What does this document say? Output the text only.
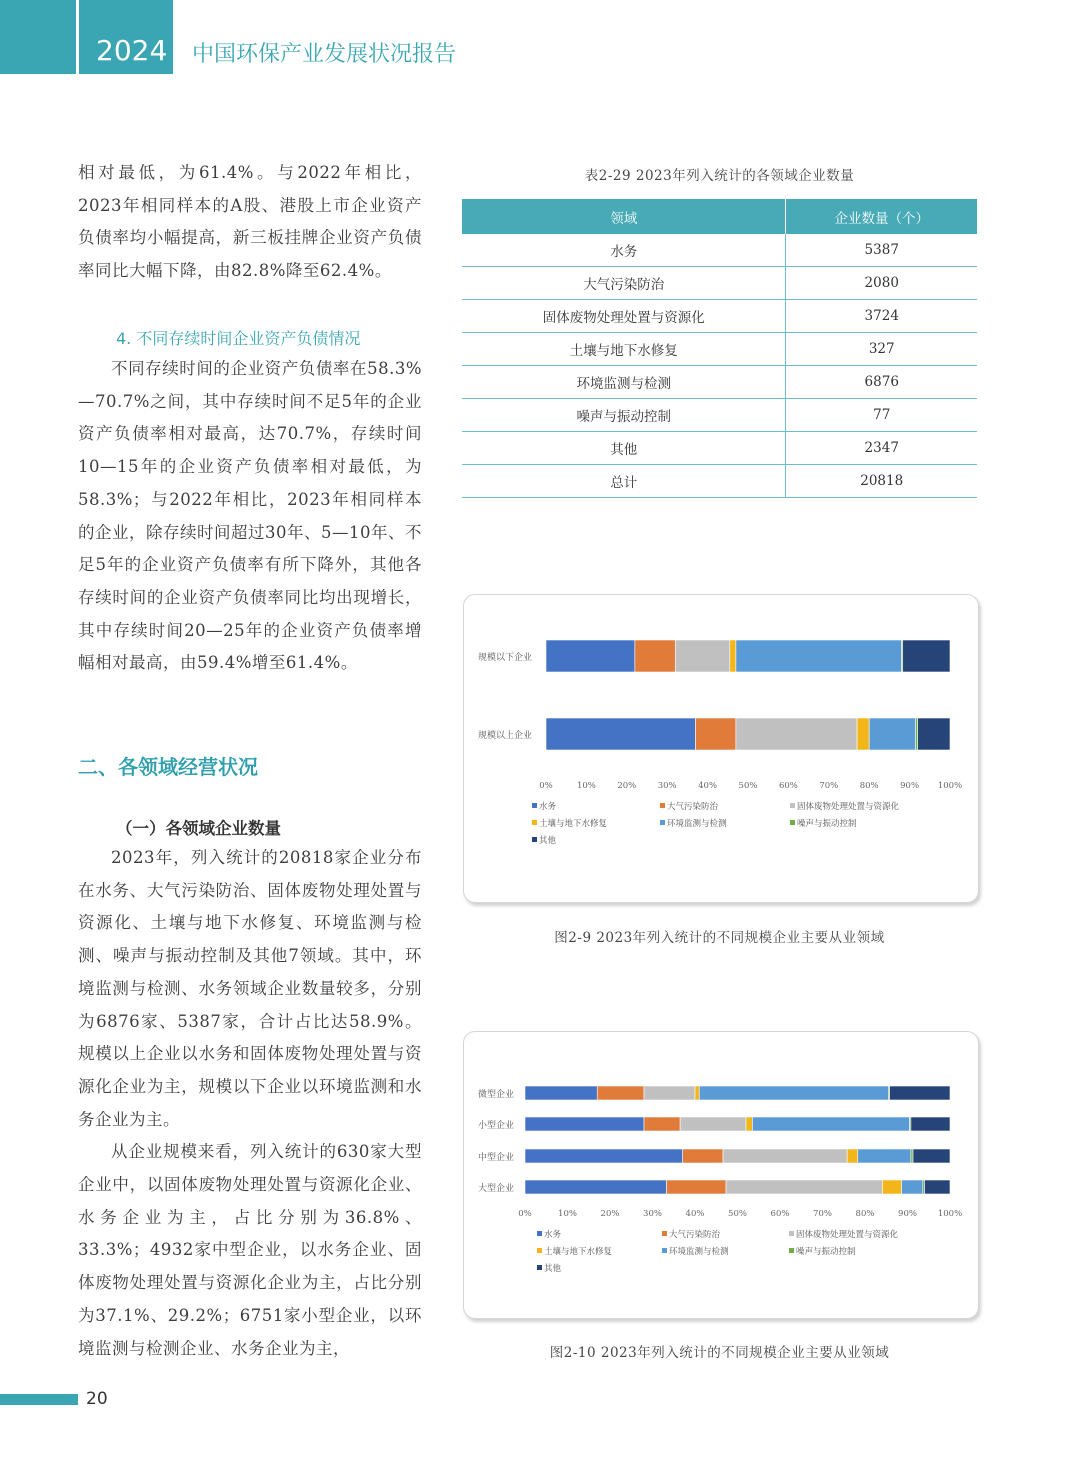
2024 中国环保产业发展状况报告

相对最低，为61.4%。与2022年相比，2023年相同样本的A股、港股上市企业资产负债率均小幅提高，新三板挂牌企业资产负债率同比大幅下降，由82.8%降至62.4%。

4. 不同存续时间企业资产负债情况

不同存续时间的企业资产负债率在58.3%—70.7%之间，其中存续时间不足5年的企业资产负债率相对最高，达70.7%，存续时间10—15年的企业资产负债率相对最低，为58.3%；与2022年相比，2023年相同样本的企业，除存续时间超过30年、5—10年、不足5年的企业资产负债率有所下降外，其他各存续时间的企业资产负债率同比均出现增长，其中存续时间20—25年的企业资产负债率增幅相对最高，由59.4%增至61.4%。

二、各领域经营状况
（一）各领域企业数量

2023年，列入统计的20818家企业分布在水务、大气污染防治、固体废物处理处置与资源化、土壤与地下水修复、环境监测与检测、噪声与振动控制及其他7领域。其中，环境监测与检测、水务领域企业数量较多，分别为6876家、5387家，合计占比达58.9%。规模以上企业以水务和固体废物处理处置与资源化企业为主，规模以下企业以环境监测和水务企业为主。

从企业规模来看，列入统计的630家大型企业中，以固体废物处理处置与资源化企业、水务企业为主，占比分别为36.8%、33.3%；4932家中型企业，以水务企业、固体废物处理处置与资源化企业为主，占比分别为37.1%、29.2%；6751家小型企业，以环境监测与检测企业、水务企业为主，

表2-29 2023年列入统计的各领域企业数量
领域	企业数量（个）
水务	5387
大气污染防治	2080
固体废物处理处置与资源化	3724
土壤与地下水修复	327
环境监测与检测	6876
噪声与振动控制	77
其他	2347
总计	20818
规模以下企业
规模以上企业
0%	10%	20%	30%	40%	50%	60%	70%	80%	90% 100%
水务	大气污染防治	固体废物处理处置与资源化
土壤与地下水修复	环境监测与检测	噪声与振动控制
其他
图2-9 2023年列入统计的不同规模企业主要从业领域
微型企业
小型企业
中型企业
大型企业
0%	10%	20%	30%	40%	50%	60%	70%	80%	90% 100%
水务	大气污染防治	固体废物处理处置与资源化
土壤与地下水修复	环境监测与检测	噪声与振动控制
其他
图2-10 2023年列入统计的不同规模企业主要从业领域
20
